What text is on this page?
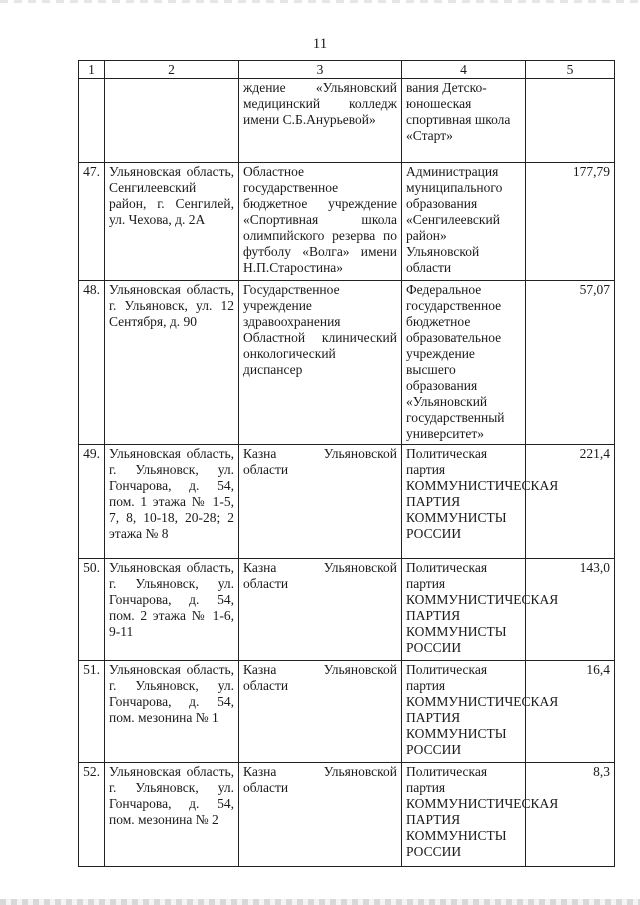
11
1	2	3	4	5
		ждение «Ульяновский медицинский колледж имени С.Б.Анурьевой»	вания Детско-юношеская спортивная школа «Старт»	
47.	Ульяновская область, Сенгилеевский район, г. Сенгилей, ул. Чехова, д. 2А	Областное государственное бюджетное учреждение «Спортивная школа олимпийского резерва по футболу «Волга» имени Н.П.Старостина»	Администрация муниципального образования «Сенгилеевский район» Ульяновской области	177,79
48.	Ульяновская область, г. Ульяновск, ул. 12 Сентября, д. 90	Государственное учреждение здравоохранения Областной клинический онкологический диспансер	Федеральное государственное бюджетное образовательное учреждение высшего образования «Ульяновский государственный университет»	57,07
49.	Ульяновская область, г. Ульяновск, ул. Гончарова, д. 54, пом. 1 этажа № 1-5, 7, 8, 10-18, 20-28; 2 этажа № 8	Казна Ульяновской области	Политическая партия КОММУНИСТИЧЕСКАЯ ПАРТИЯ КОММУНИСТЫ РОССИИ	221,4
50.	Ульяновская область, г. Ульяновск, ул. Гончарова, д. 54, пом. 2 этажа № 1-6, 9-11	Казна Ульяновской области	Политическая партия КОММУНИСТИЧЕСКАЯ ПАРТИЯ КОММУНИСТЫ РОССИИ	143,0
51.	Ульяновская область, г. Ульяновск, ул. Гончарова, д. 54, пом. мезонина № 1	Казна Ульяновской области	Политическая партия КОММУНИСТИЧЕСКАЯ ПАРТИЯ КОММУНИСТЫ РОССИИ	16,4
52.	Ульяновская область, г. Ульяновск, ул. Гончарова, д. 54, пом. мезонина № 2	Казна Ульяновской области	Политическая партия КОММУНИСТИЧЕСКАЯ ПАРТИЯ КОММУНИСТЫ РОССИИ	8,3
